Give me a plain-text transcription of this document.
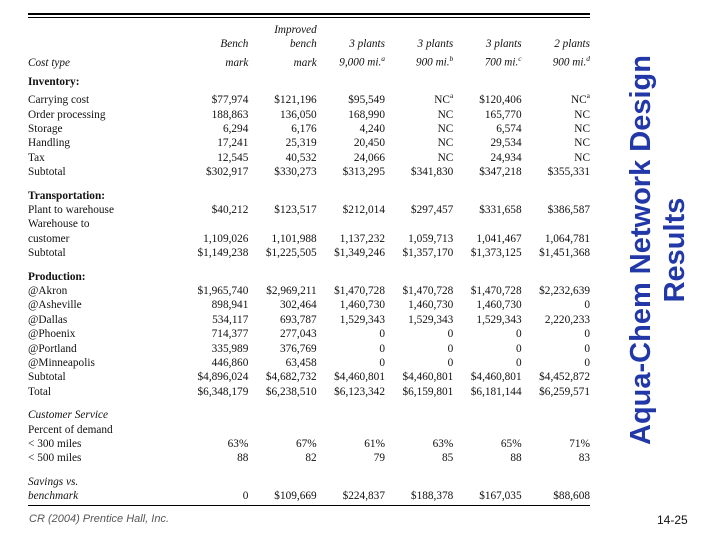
Aqua-Chem Network Design Results
		Improved				
	Bench	bench	3 plants	3 plants	3 plants	2 plants
Cost type	mark	mark	9,000 mi.$^a$	900 mi.$^b$	700 mi.$^c$	900 mi.$^d$

Inventory:						
Carrying cost	$77,974	$121,196	$95,549	$NC^a$	$120,406	$NC^a$
Order processing	188,863	136,050	168,990	NC	165,770	NC
Storage	6,294	6,176	4,240	NC	6,574	NC
Handling	17,241	25,319	20,450	NC	29,534	NC
Tax	12,545	40,532	24,066	NC	24,934	NC
Subtotal	$302,917	$330,273	$313,295	$341,830	$347,218	$355,331

Transportation:						
Plant to warehouse	$40,212	$123,517	$212,014	$297,457	$331,658	$386,587
Warehouse to						
customer	1,109,026	1,101,988	1,137,232	1,059,713	1,041,467	1,064,781
Subtotal	$1,149,238	$1,225,505	$1,349,246	$1,357,170	$1,373,125	$1,451,368

Production:						
@Akron	$1,965,740	$2,969,211	$1,470,728	$1,470,728	$1,470,728	$2,232,639
@Asheville	898,941	302,464	1,460,730	1,460,730	1,460,730	0
@Dallas	534,117	693,787	1,529,343	1,529,343	1,529,343	2,220,233
@Phoenix	714,377	277,043	0	0	0	0
@Portland	335,989	376,769	0	0	0	0
@Minneapolis	446,860	63,458	0	0	0	0
Subtotal	$4,896,024	$4,682,732	$4,460,801	$4,460,801	$4,460,801	$4,452,872
Total	$6,348,179	$6,238,510	$6,123,342	$6,159,801	$6,181,144	$6,259,571

Customer Service						
Percent of demand						
< 300 miles	63%	67%	61%	63%	65%	71%
< 500 miles	88	82	79	85	88	83

Savings vs.						
benchmark	0	$109,669	$224,837	$188,378	$167,035	$88,608
CR (2004) Prentice Hall, Inc.	14-25
